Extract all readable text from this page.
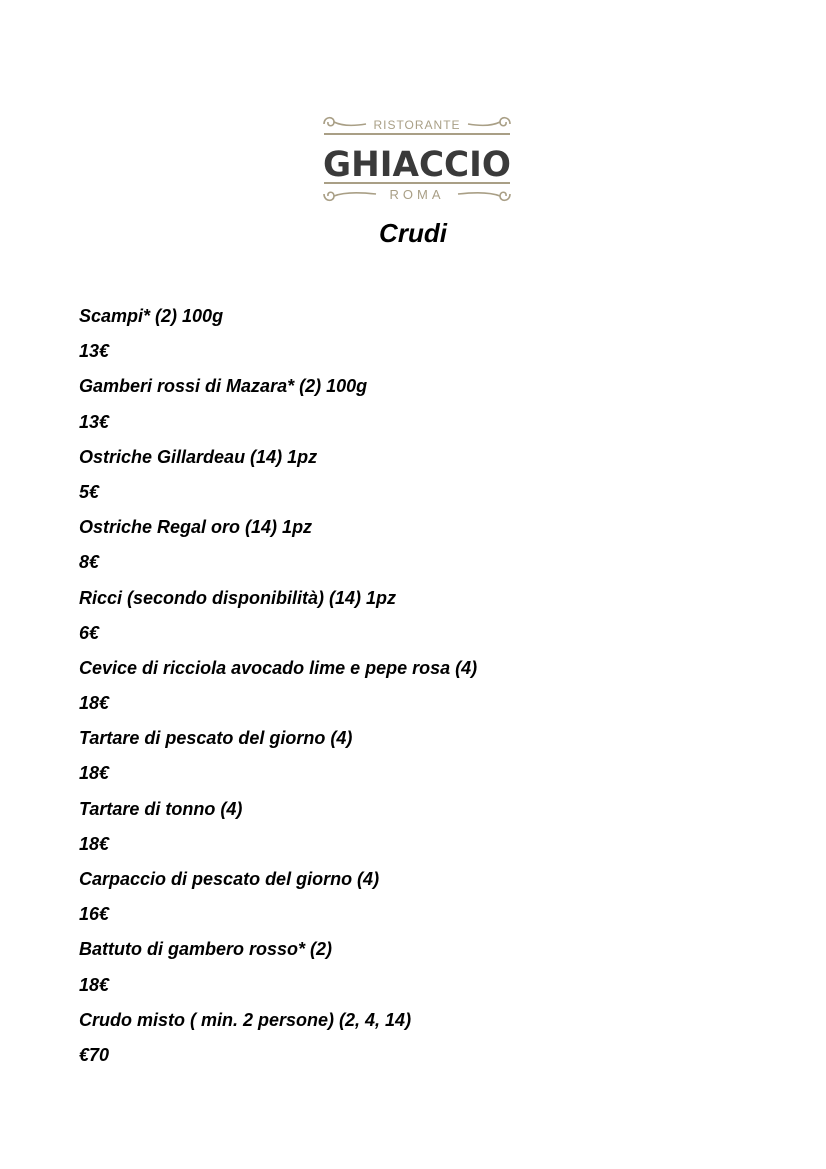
RISTORANTE
GHIACCIO
ROMA
Crudi
Scampi* (2) 100g
13€
Gamberi rossi di Mazara* (2) 100g
13€
Ostriche Gillardeau (14) 1pz
5€
Ostriche Regal oro (14) 1pz
8€
Ricci (secondo disponibilità) (14) 1pz
6€
Cevice di ricciola avocado lime e pepe rosa (4)
18€
Tartare di pescato del giorno (4)
18€
Tartare di tonno (4)
18€
Carpaccio di pescato del giorno (4)
16€
Battuto di gambero rosso* (2)
18€
Crudo misto ( min. 2 persone) (2, 4, 14)
€70
